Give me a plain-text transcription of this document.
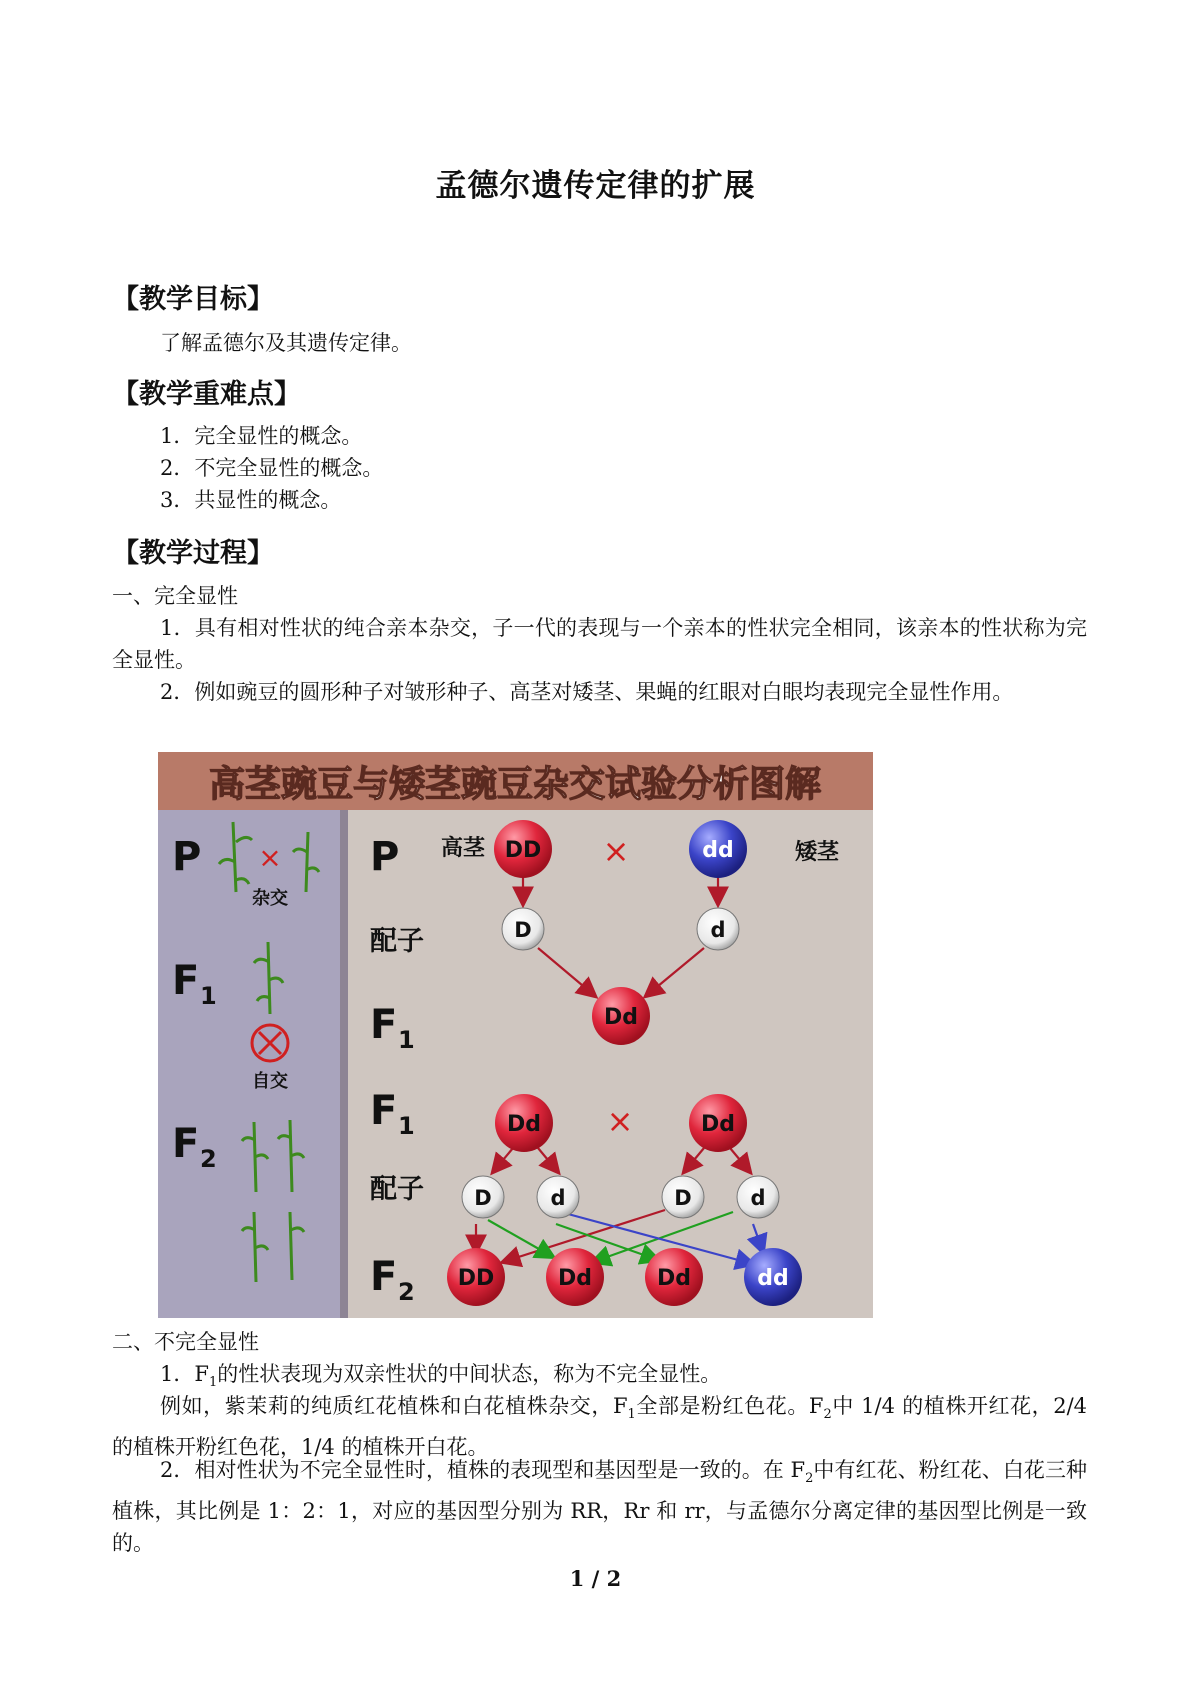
孟德尔遗传定律的扩展
【教学目标】
了解孟德尔及其遗传定律。
【教学重难点】
1．完全显性的概念。
2．不完全显性的概念。
3．共显性的概念。
【教学过程】
一、完全显性
1．具有相对性状的纯合亲本杂交，子一代的表现与一个亲本的性状完全相同，该亲本的性状称为完全显性。
2．例如豌豆的圆形种子对皱形种子、高茎对矮茎、果蝇的红眼对白眼均表现完全显性作用。
高茎豌豆与矮茎豌豆杂交试验分析图解
P ×
杂交
F 1
自交
F 2
P
配子
F 1
F 1
配子
F 2
高茎	矮茎
×
×
DD	dd
D	d
Dd
Dd	Dd
D	d	D	d
DD	Dd	Dd	dd
二、不完全显性
1．$F_1$的性状表现为双亲性状的中间状态，称为不完全显性。
例如，紫茉莉的纯质红花植株和白花植株杂交，$F_1$全部是粉红色花。$F_2$中 1/4 的植株开红花，2/4 的植株开粉红色花，1/4 的植株开白花。
2．相对性状为不完全显性时，植株的表现型和基因型是一致的。在 $F_2$中有红花、粉红花、白花三种植株，其比例是 1：2：1，对应的基因型分别为 RR，Rr 和 rr，与孟德尔分离定律的基因型比例是一致的。
1 / 2
